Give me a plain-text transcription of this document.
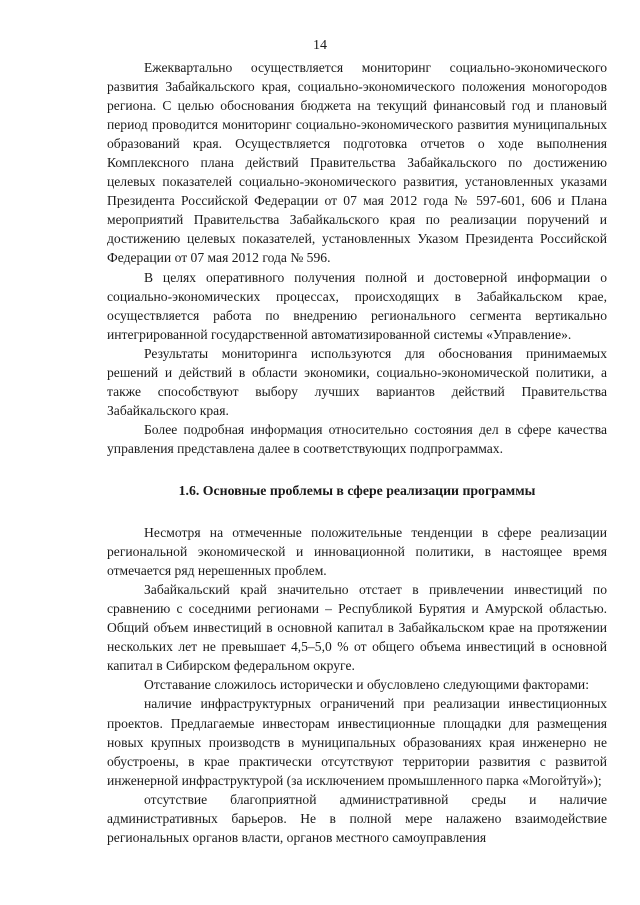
14

Ежеквартально осуществляется мониторинг социально-экономического развития Забайкальского края, социально-экономического положения моногородов региона. С целью обоснования бюджета на текущий финансовый год и плановый период проводится мониторинг социально-экономического развития муниципальных образований края. Осуществляется подготовка отчетов о ходе выполнения Комплексного плана действий Правительства Забайкальского по достижению целевых показателей социально-экономического развития, установленных указами Президента Российской Федерации от 07 мая 2012 года № 597-601, 606 и Плана мероприятий Правительства Забайкальского края по реализации поручений и достижению целевых показателей, установленных Указом Президента Российской Федерации от 07 мая 2012 года № 596.

В целях оперативного получения полной и достоверной информации о социально-экономических процессах, происходящих в Забайкальском крае, осуществляется работа по внедрению регионального сегмента вертикально интегрированной государственной автоматизированной системы «Управление».

Результаты мониторинга используются для обоснования принимаемых решений и действий в области экономики, социально-экономической политики, а также способствуют выбору лучших вариантов действий Правительства Забайкальского края.

Более подробная информация относительно состояния дел в сфере качества управления представлена далее в соответствующих подпрограммах.

1.6. Основные проблемы в сфере реализации программы

Несмотря на отмеченные положительные тенденции в сфере реализации региональной экономической и инновационной политики, в настоящее время отмечается ряд нерешенных проблем.

Забайкальский край значительно отстает в привлечении инвестиций по сравнению с соседними регионами – Республикой Бурятия и Амурской областью. Общий объем инвестиций в основной капитал в Забайкальском крае на протяжении нескольких лет не превышает 4,5–5,0 % от общего объема инвестиций в основной капитал в Сибирском федеральном округе.

Отставание сложилось исторически и обусловлено следующими факторами:

наличие инфраструктурных ограничений при реализации инвестиционных проектов. Предлагаемые инвесторам инвестиционные площадки для размещения новых крупных производств в муниципальных образованиях края инженерно не обустроены, в крае практически отсутствуют территории развития с развитой инженерной инфраструктурой (за исключением промышленного парка «Могойтуй»);

отсутствие благоприятной административной среды и наличие административных барьеров. Не в полной мере налажено взаимодействие региональных органов власти, органов местного самоуправления
